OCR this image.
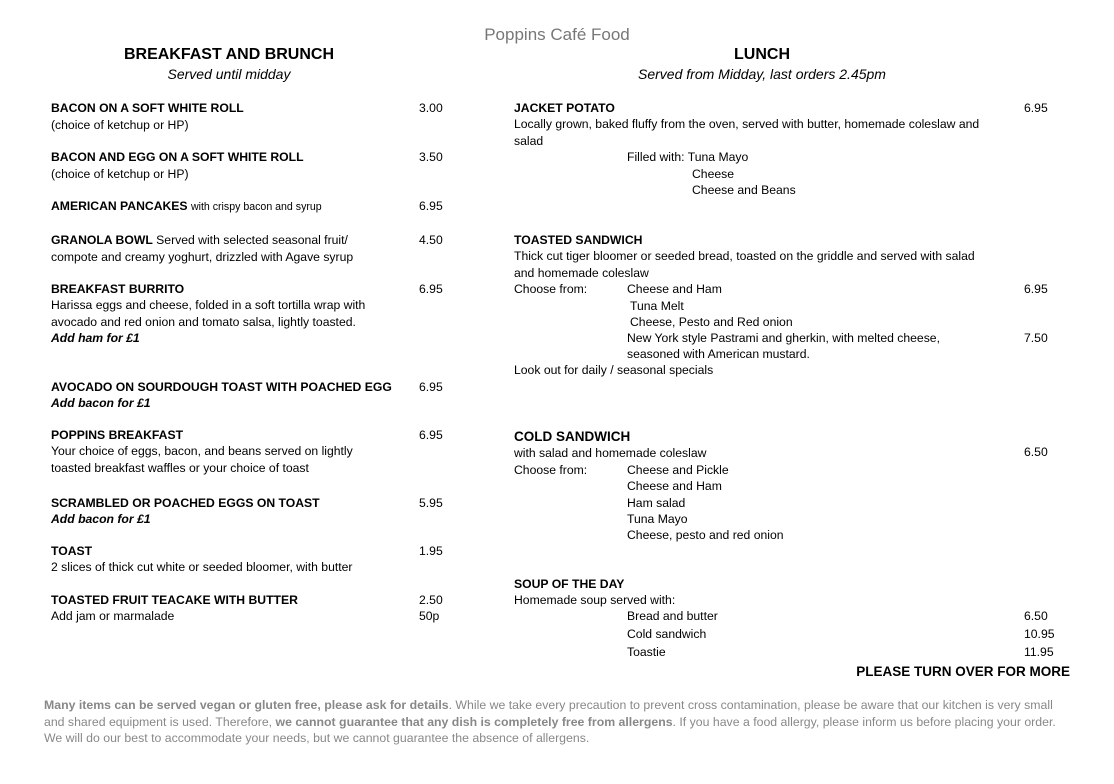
Poppins Café Food
BREAKFAST AND BRUNCH
Served until midday
BACON ON A SOFT WHITE ROLL	3.00
(choice of ketchup or HP)
BACON AND EGG ON A SOFT WHITE ROLL	3.50
(choice of ketchup or HP)
AMERICAN PANCAKES with crispy bacon and syrup	6.95
GRANOLA BOWL Served with selected seasonal fruit/	4.50
compote and creamy yoghurt, drizzled with Agave syrup
BREAKFAST BURRITO	6.95
Harissa eggs and cheese, folded in a soft tortilla wrap with
avocado and red onion and tomato salsa, lightly toasted.
Add ham for £1
AVOCADO ON SOURDOUGH TOAST WITH POACHED EGG 6.95
Add bacon for £1
POPPINS BREAKFAST	6.95
Your choice of eggs, bacon, and beans served on lightly
toasted breakfast waffles or your choice of toast
SCRAMBLED OR POACHED EGGS ON TOAST	5.95
Add bacon for £1
TOAST	1.95
2 slices of thick cut white or seeded bloomer, with butter
TOASTED FRUIT TEACAKE WITH BUTTER	2.50
Add jam or marmalade	50p
LUNCH
Served from Midday, last orders 2.45pm
JACKET POTATO	6.95
Locally grown, baked fluffy from the oven, served with butter, homemade coleslaw and
salad
Filled with: Tuna Mayo
Cheese
Cheese and Beans
TOASTED SANDWICH
Thick cut tiger bloomer or seeded bread, toasted on the griddle and served with salad
and homemade coleslaw
Choose from:	Cheese and Ham	6.95
Tuna Melt
Cheese, Pesto and Red onion
New York style Pastrami and gherkin, with melted cheese,	7.50
seasoned with American mustard.
Look out for daily / seasonal specials
COLD SANDWICH
with salad and homemade coleslaw	6.50
Choose from:	Cheese and Pickle
Cheese and Ham
Ham salad
Tuna Mayo
Cheese, pesto and red onion
SOUP OF THE DAY
Homemade soup served with:
Bread and butter	6.50
Cold sandwich	10.95
Toastie	11.95
PLEASE TURN OVER FOR MORE
Many items can be served vegan or gluten free, please ask for details. While we take every precaution to prevent cross contamination, please be aware that our kitchen is very small and shared equipment is used. Therefore, we cannot guarantee that any dish is completely free from allergens. If you have a food allergy, please inform us before placing your order. We will do our best to accommodate your needs, but we cannot guarantee the absence of allergens.
